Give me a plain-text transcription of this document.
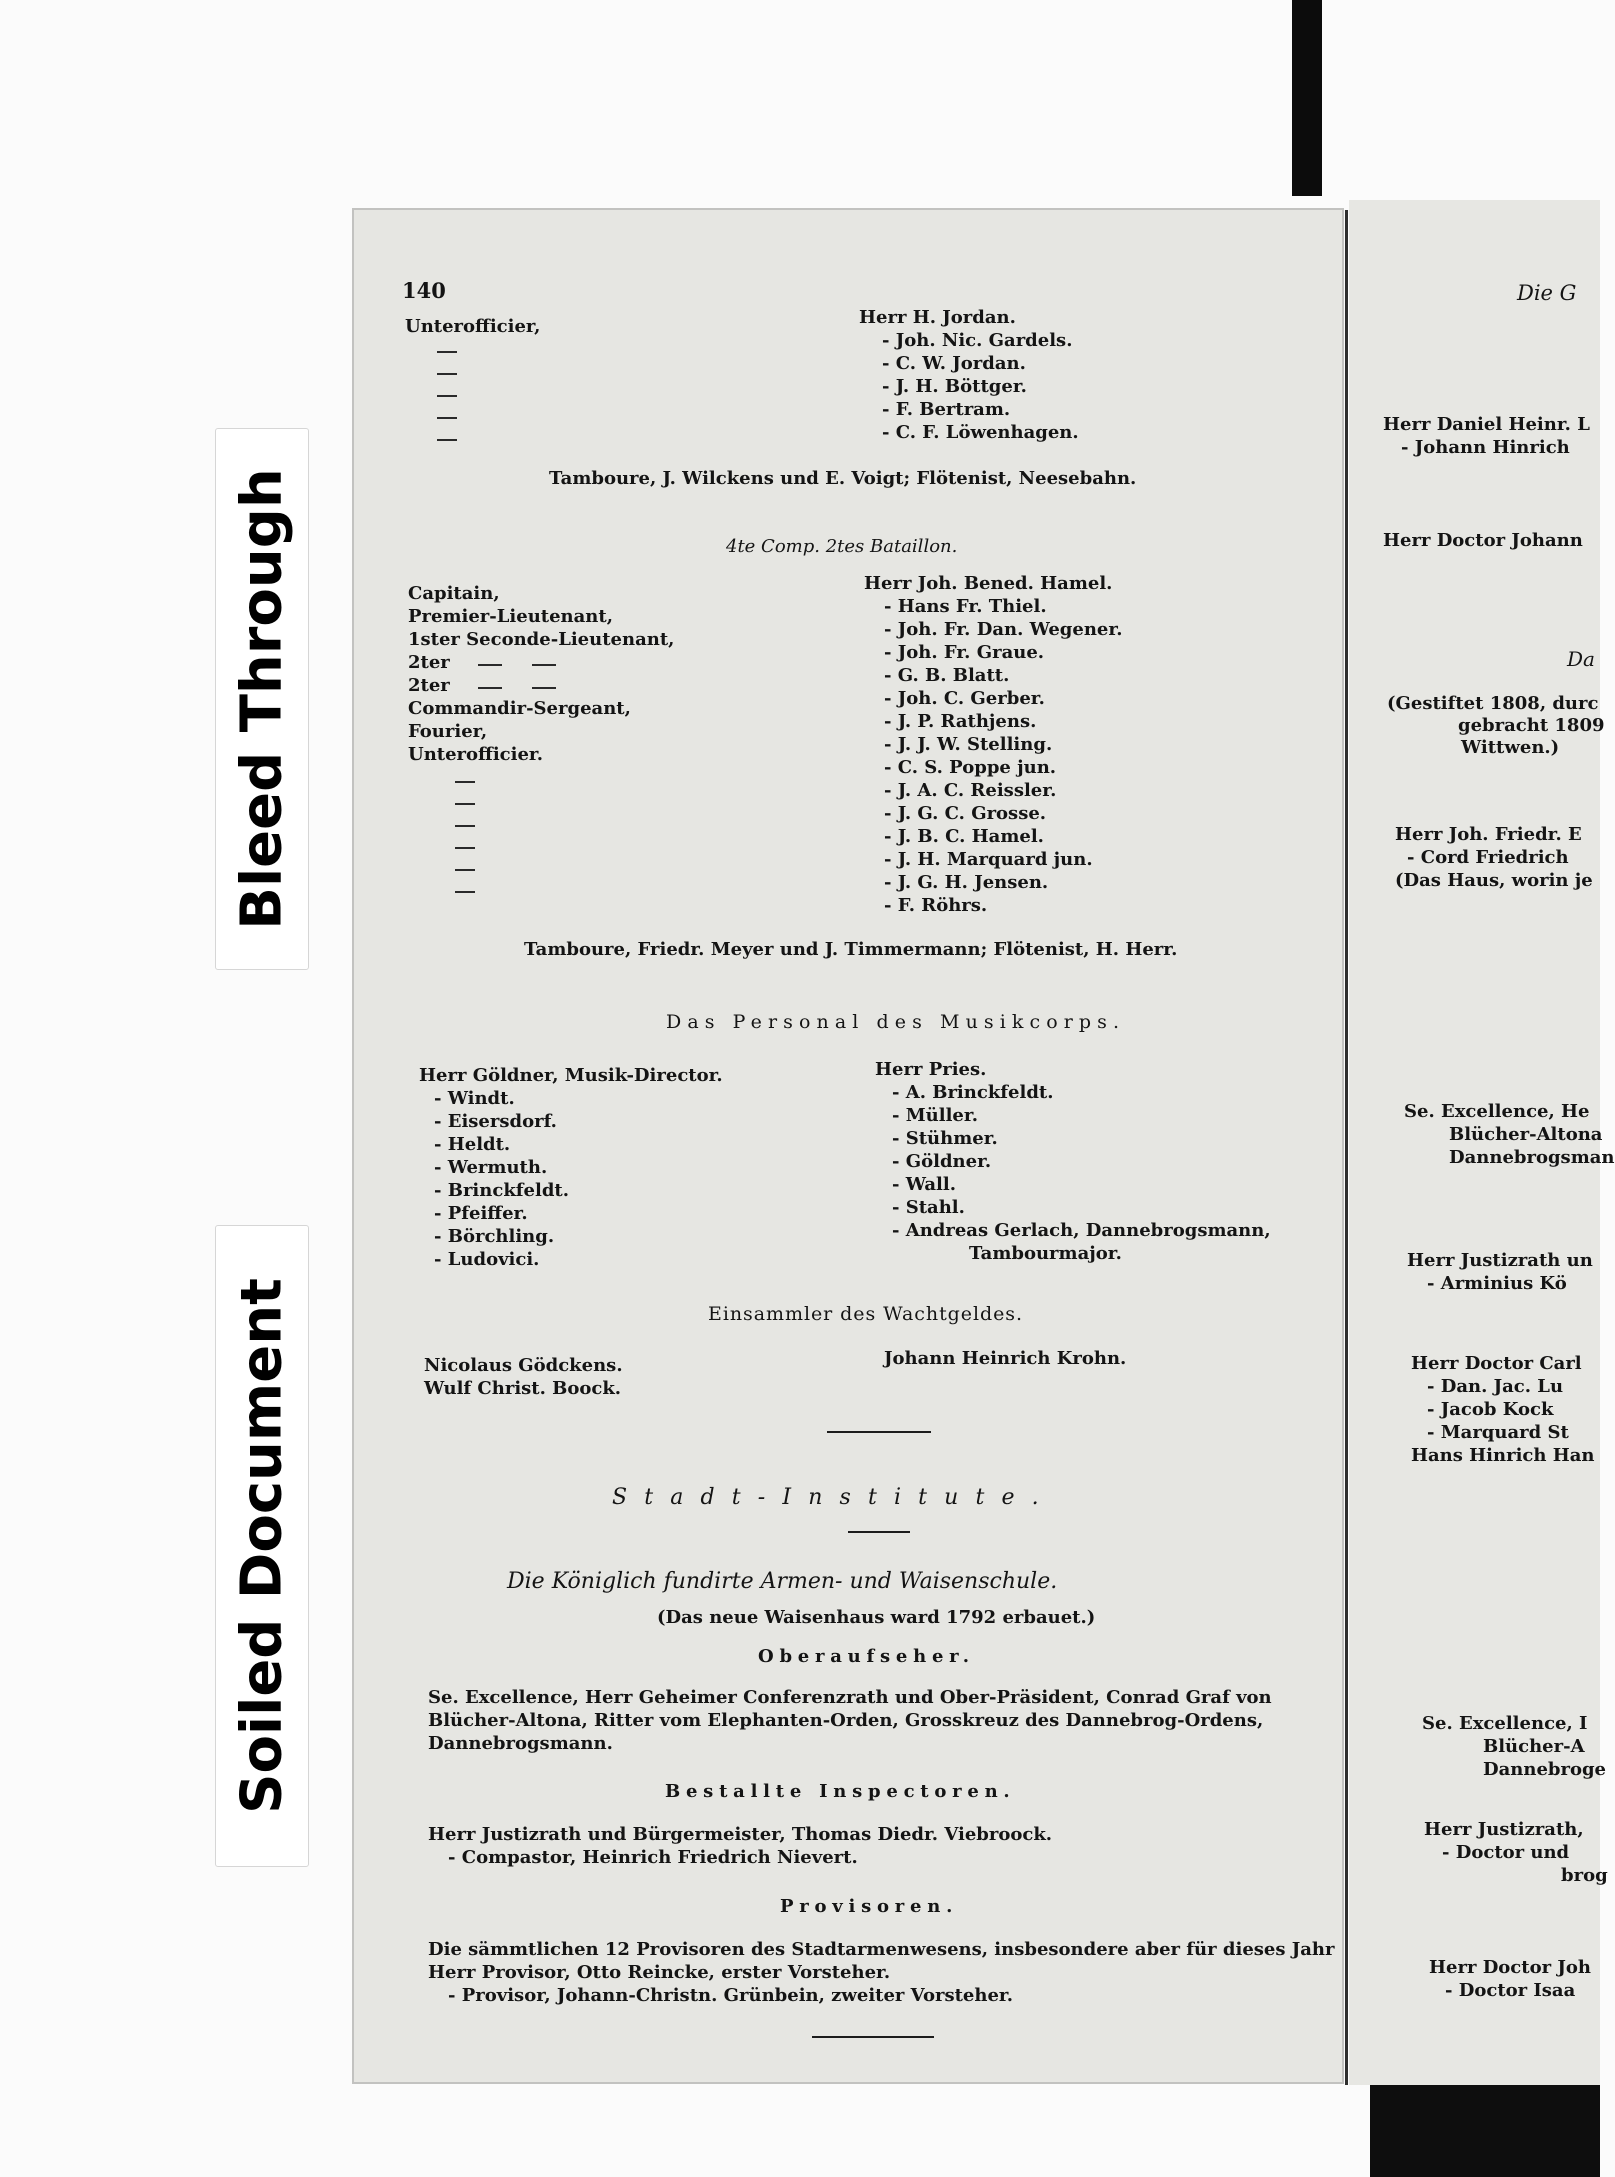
Bleed Through
Soiled Document
140
Unterofficier,	Herr H. Jordan.
- Joh. Nic. Gardels.
- C. W. Jordan.
- J. H. Böttger.
- F. Bertram.
- C. F. Löwenhagen.
Tamboure, J. Wilckens und E. Voigt; Flötenist, Neesebahn.
4te Comp. 2tes Bataillon.
Capitain,
Premier-Lieutenant,
1ster Seconde-Lieutenant,
2ter
2ter
Commandir-Sergeant,
Fourier,
Unterofficier.
Herr Joh. Bened. Hamel.
- Hans Fr. Thiel.
- Joh. Fr. Dan. Wegener.
- Joh. Fr. Graue.
- G. B. Blatt.
- Joh. C. Gerber.
- J. P. Rathjens.
- J. J. W. Stelling.
- C. S. Poppe jun.
- J. A. C. Reissler.
- J. G. C. Grosse.
- J. B. C. Hamel.
- J. H. Marquard jun.
- J. G. H. Jensen.
- F. Röhrs.
Tamboure, Friedr. Meyer und J. Timmermann; Flötenist, H. Herr.
Das Personal des Musikcorps.
Herr Göldner, Musik-Director.
- Windt.
- Eisersdorf.
- Heldt.
- Wermuth.
- Brinckfeldt.
- Pfeiffer.
- Börchling.
- Ludovici.
Herr Pries.
- A. Brinckfeldt.
- Müller.
- Stühmer.
- Göldner.
- Wall.
- Stahl.
- Andreas Gerlach, Dannebrogsmann,
Tambourmajor.
Einsammler des Wachtgeldes.
Nicolaus Gödckens.
Wulf Christ. Boock.
Johann Heinrich Krohn.
Stadt-Institute.
Die Königlich fundirte Armen- und Waisenschule.
(Das neue Waisenhaus ward 1792 erbauet.)
Oberaufseher.
Se. Excellence, Herr Geheimer Conferenzrath und Ober-Präsident, Conrad Graf von
Blücher-Altona, Ritter vom Elephanten-Orden, Grosskreuz des Dannebrog-Ordens,
Dannebrogsmann.
Bestallte Inspectoren.
Herr Justizrath und Bürgermeister, Thomas Diedr. Viebroock.
- Compastor, Heinrich Friedrich Nievert.
Provisoren.
Die sämmtlichen 12 Provisoren des Stadtarmenwesens, insbesondere aber für dieses Jahr
Herr Provisor, Otto Reincke, erster Vorsteher.
- Provisor, Johann-Christn. Grünbein, zweiter Vorsteher.
Die G
Herr Daniel Heinr. L
- Johann Hinrich
Herr Doctor Johann
Da
(Gestiftet 1808, durc
gebracht 1809
Wittwen.)
Herr Joh. Friedr. E
- Cord Friedrich
(Das Haus, worin je
Se. Excellence, He
Blücher-Altona
Dannebrogsman
Herr Justizrath un
- Arminius Kö
Herr Doctor Carl
- Dan. Jac. Lu
- Jacob Kock
- Marquard St
Hans Hinrich Han
Se. Excellence, I
Blücher-A
Dannebroge
Herr Justizrath,
- Doctor und
brog
Herr Doctor Joh
- Doctor Isaa
